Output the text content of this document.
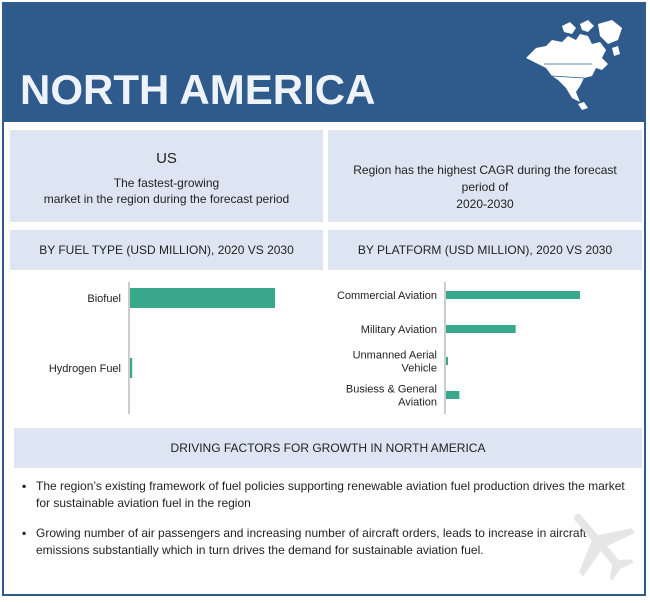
NORTH AMERICA
US
The fastest-growing
market in the region during the forecast period
Region has the highest CAGR during the forecast period of
2020-2030
BY FUEL TYPE (USD MILLION), 2020 VS 2030	BY PLATFORM (USD MILLION), 2020 VS 2030
Biofuel
Hydrogen Fuel
Commercial Aviation
Military Aviation
Unmanned Aerial
Vehicle
Busiess & General
Aviation
DRIVING FACTORS FOR GROWTH IN NORTH AMERICA
▪ The region’s existing framework of fuel policies supporting renewable aviation fuel production drives the market for sustainable aviation fuel in the region
▪ Growing number of air passengers and increasing number of aircraft orders, leads to increase in aircraft emissions substantially which in turn drives the demand for sustainable aviation fuel.
